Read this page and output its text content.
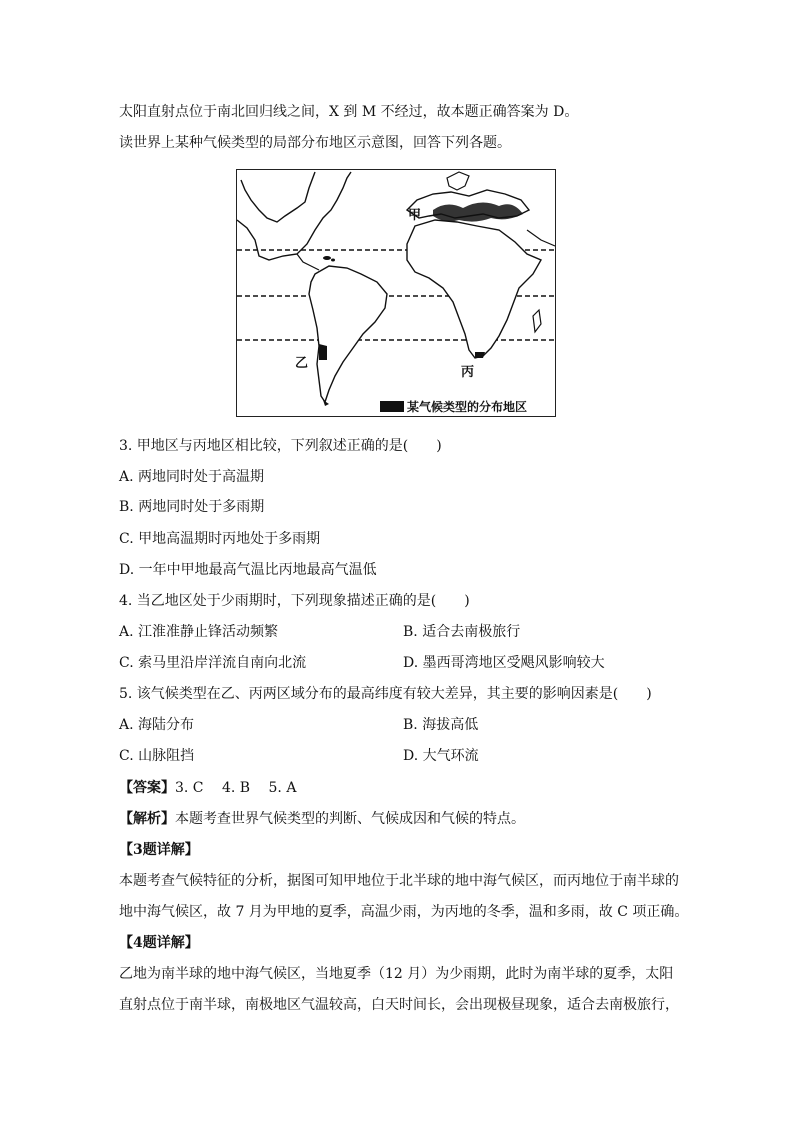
太阳直射点位于南北回归线之间，X 到 M 不经过，故本题正确答案为 D。
读世界上某种气候类型的局部分布地区示意图，回答下列各题。
甲
乙
丙
某气候类型的分布地区
3. 甲地区与丙地区相比较，下列叙述正确的是(　　)
A. 两地同时处于高温期
B. 两地同时处于多雨期
C. 甲地高温期时丙地处于多雨期
D. 一年中甲地最高气温比丙地最高气温低
4. 当乙地区处于少雨期时，下列现象描述正确的是(　　)
A. 江淮准静止锋活动频繁	B. 适合去南极旅行
C. 索马里沿岸洋流自南向北流	D. 墨西哥湾地区受飓风影响较大
5. 该气候类型在乙、丙两区域分布的最高纬度有较大差异，其主要的影响因素是(　　)
A. 海陆分布	B. 海拔高低
C. 山脉阻挡	D. 大气环流
【答案】3. C　 4. B　 5. A
【解析】本题考查世界气候类型的判断、气候成因和气候的特点。
【3题详解】
本题考查气候特征的分析，据图可知甲地位于北半球的地中海气候区，而丙地位于南半球的
地中海气候区，故 7 月为甲地的夏季，高温少雨，为丙地的冬季，温和多雨，故 C 项正确。
【4题详解】
乙地为南半球的地中海气候区，当地夏季（12 月）为少雨期，此时为南半球的夏季，太阳
直射点位于南半球，南极地区气温较高，白天时间长，会出现极昼现象，适合去南极旅行，
